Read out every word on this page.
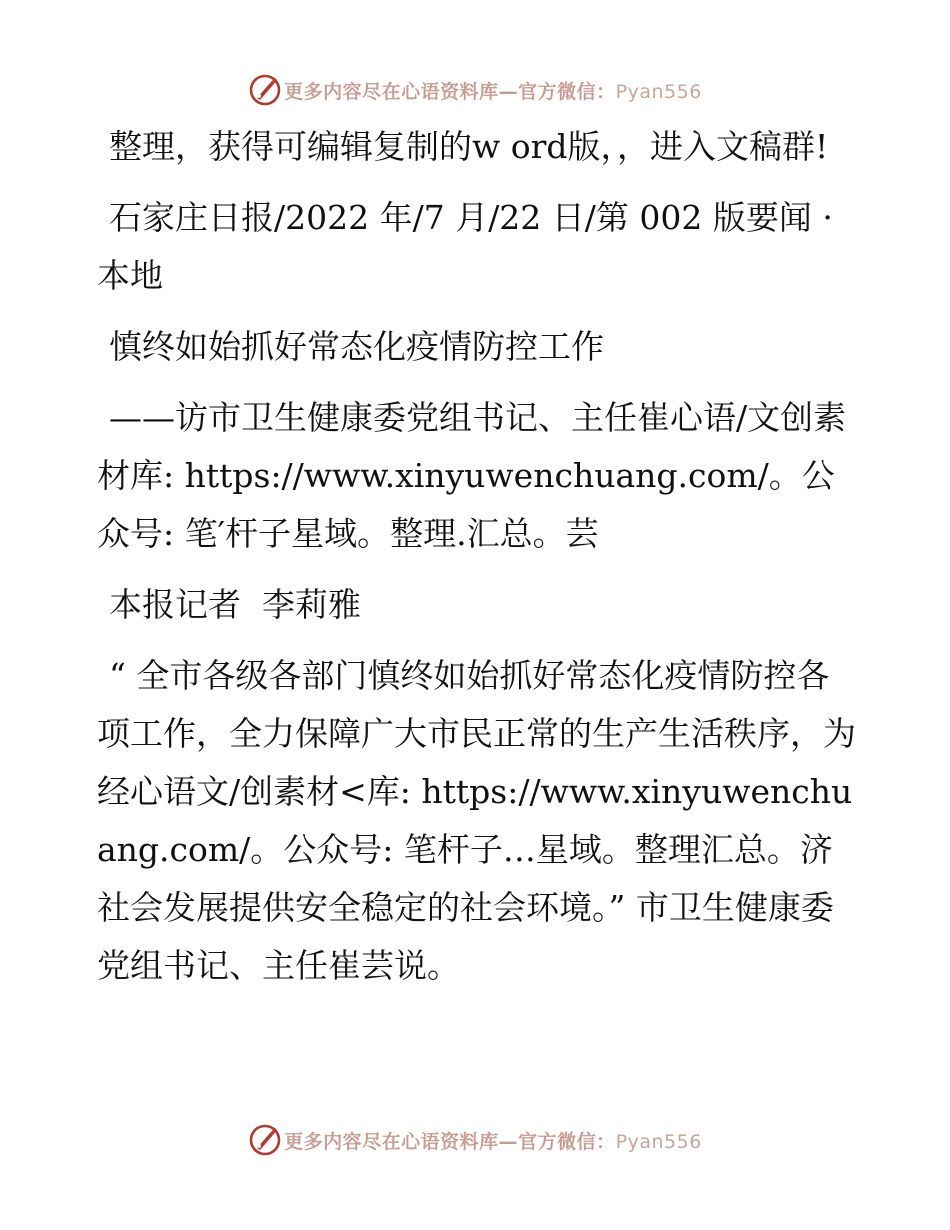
更多内容尽在心语资料库—官方微信：Pyan556

整理，获得可编辑复制的w ord版，，进入文稿群!

石家庄日报/2022 年/7 月/22 日/第 002 版要闻 · 本地

慎终如始抓好常态化疫情防控工作

——访市卫生健康委党组书记、主任崔心语/文创素材库: https://www.xinyuwenchuang.com/。公众号: 笔′杆子星域。整理.汇总。芸

本报记者  李莉雅

“ 全市各级各部门慎终如始抓好常态化疫情防控各项工作，全力保障广大市民正常的生产生活秩序，为经心语文/创素材<库: https://www.xinyuwenchuang.com/。公众号: 笔杆子…星域。整理汇总。济社会发展提供安全稳定的社会环境。” 市卫生健康委党组书记、主任崔芸说。

更多内容尽在心语资料库—官方微信：Pyan556
